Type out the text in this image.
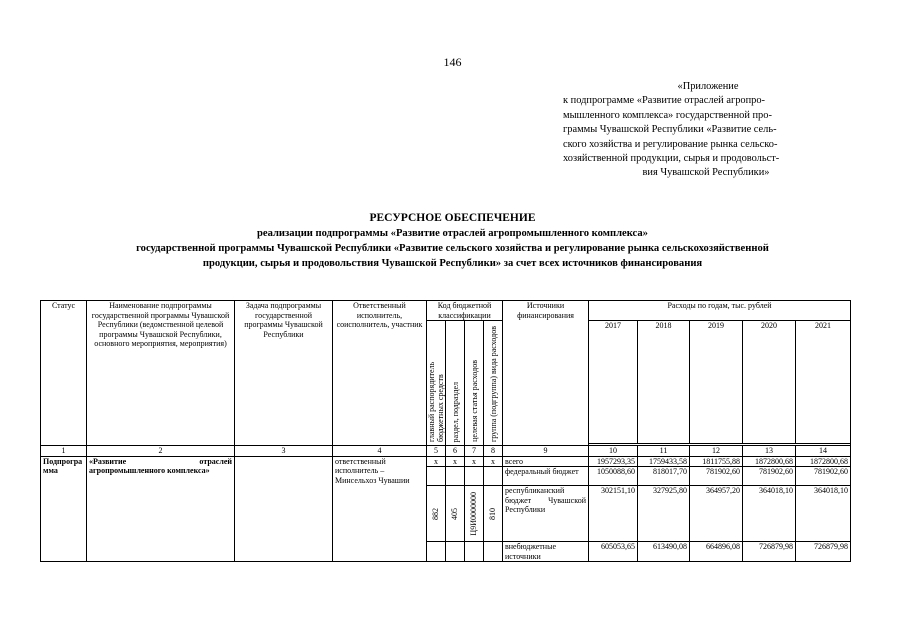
146
«Приложение
к подпрограмме «Развитие отраслей агропро-
мышленного комплекса» государственной про-
граммы Чувашской Республики «Развитие сель-
ского хозяйства и регулирование рынка сельско-
хозяйственной продукции, сырья и продовольст-
вия Чувашской Республики»
РЕСУРСНОЕ ОБЕСПЕЧЕНИЕ
реализации подпрограммы «Развитие отраслей агропромышленного комплекса»
государственной программы Чувашской Республики «Развитие сельского хозяйства и регулирование рынка сельскохозяйственной
продукции, сырья и продовольствия Чувашской Республики» за счет всех источников финансирования
Статус	Наименование подпрограммы государственной программы Чувашской Республики (ведомственной целевой программы Чувашской Республики, основного мероприятия, мероприятия)	Задача подпрограммы государственной программы Чувашской Республики	Ответственный исполнитель, соисполнитель, участник	Код бюджетной классификации				Источники финансирования	Расходы по годам, тыс. рублей				

				главный распорядитель бюджетных средств	раздел, подраздел	целевая статья расходов	группа (подгруппа) вида расходов		2017	2018	2019	2020	2021

1	2	3	4	5	6	7	8	9	10	11	12	13	14
Подпрограмма	«Развитие отраслей агропромышленного комплекса»		ответственный исполнитель – Минсельхоз Чувашии	x	x	x	x	всего	1957293,35	1759433,58	1811755,88	1872800,68	1872800,68
								федеральный бюджет	1050088,60	818017,70	781902,60	781902,60	781902,60

				882	405	Ц9И0000000	810	республиканский бюджет Чувашской Республики	302151,10	327925,80	364957,20	364018,10	364018,10
								внебюджетные источники	605053,65	613490,08	664896,08	726879,98	726879,98
